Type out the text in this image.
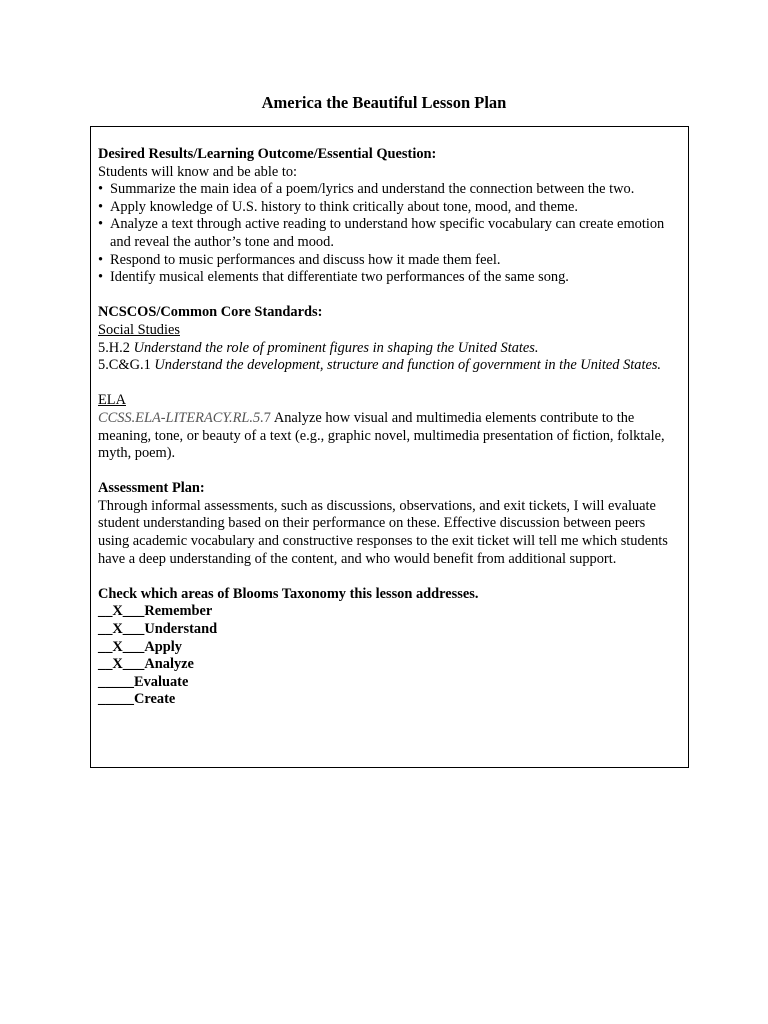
America the Beautiful Lesson Plan

Desired Results/Learning Outcome/Essential Question:

Students will know and be able to:

• Summarize the main idea of a poem/lyrics and understand the connection between the two.
• Apply knowledge of U.S. history to think critically about tone, mood, and theme.
• Analyze a text through active reading to understand how specific vocabulary can create emotion and reveal the author’s tone and mood.
• Respond to music performances and discuss how it made them feel.
• Identify musical elements that differentiate two performances of the same song.

NCSCOS/Common Core Standards:

Social Studies

5.H.2 Understand the role of prominent figures in shaping the United States.

5.C&G.1 Understand the development, structure and function of government in the United States.

ELA

CCSS.ELA-LITERACY.RL.5.7 Analyze how visual and multimedia elements contribute to the meaning, tone, or beauty of a text (e.g., graphic novel, multimedia presentation of fiction, folktale, myth, poem).

Assessment Plan:

Through informal assessments, such as discussions, observations, and exit tickets, I will evaluate student understanding based on their performance on these. Effective discussion between peers using academic vocabulary and constructive responses to the exit ticket will tell me which students have a deep understanding of the content, and who would benefit from additional support.

Check which areas of Blooms Taxonomy this lesson addresses.

__X___Remember

__X___Understand

__X___Apply

__X___Analyze

_____Evaluate

_____Create
